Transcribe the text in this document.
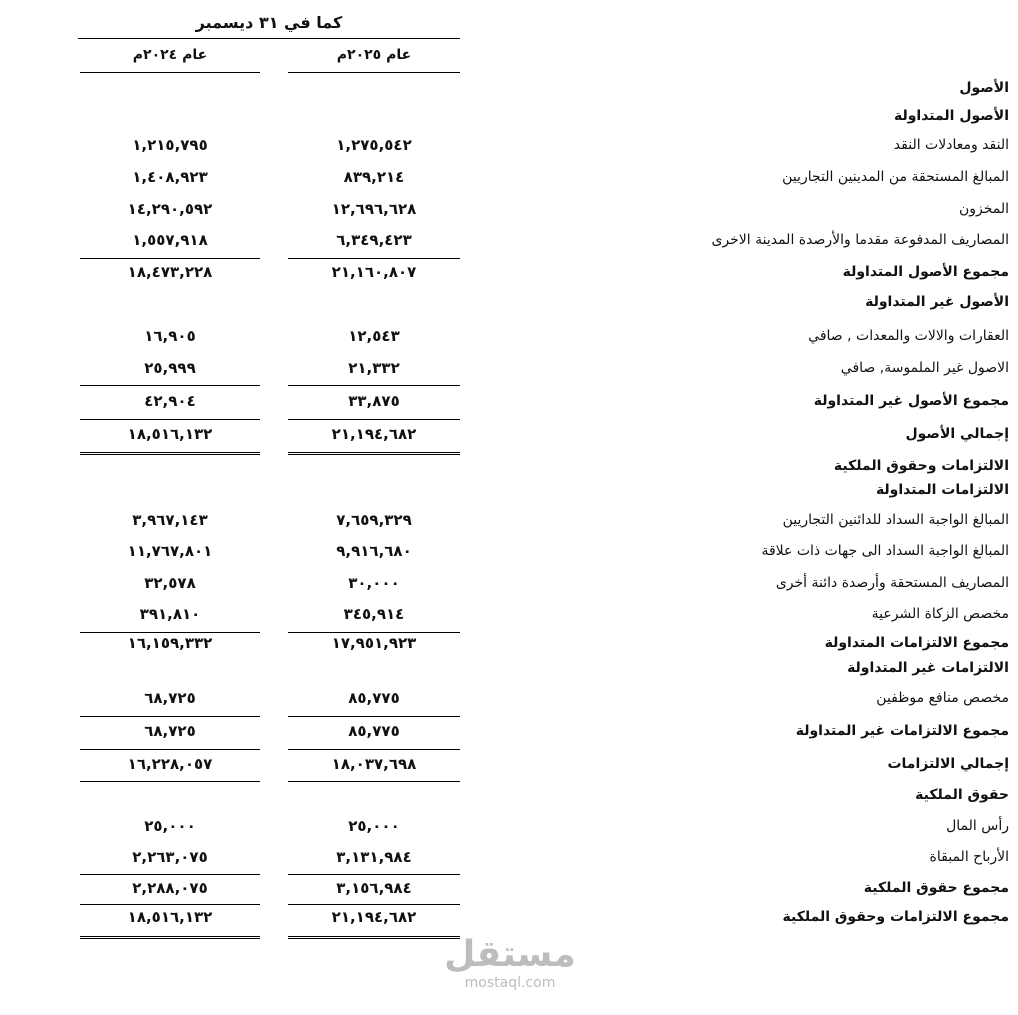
كما في ٣١ ديسمبر
عام ٢٠٢٥م
عام ٢٠٢٤م
الأصول
الأصول المتداولة
النقد ومعادلات النقد
١,٢٧٥,٥٤٢
١,٢١٥,٧٩٥
المبالغ المستحقة من المدينين التجاريين
٨٣٩,٢١٤
١,٤٠٨,٩٢٣
المخزون
١٢,٦٩٦,٦٢٨
١٤,٢٩٠,٥٩٢
المصاريف المدفوعة مقدما والأرصدة المدينة الاخرى
٦,٣٤٩,٤٢٣
١,٥٥٧,٩١٨
مجموع الأصول المتداولة
٢١,١٦٠,٨٠٧
١٨,٤٧٣,٢٢٨
الأصول غير المتداولة
العقارات والالات والمعدات , صافي
١٢,٥٤٣
١٦,٩٠٥
الاصول غير الملموسة, صافي
٢١,٣٣٢
٢٥,٩٩٩
مجموع الأصول غير المتداولة
٣٣,٨٧٥
٤٢,٩٠٤
إجمالي الأصول
٢١,١٩٤,٦٨٢
١٨,٥١٦,١٣٢
الالتزامات وحقوق الملكية
الالتزامات المتداولة
المبالغ الواجبة السداد للدائنين التجاريين
٧,٦٥٩,٣٢٩
٣,٩٦٧,١٤٣
المبالغ الواجبة السداد الى جهات ذات علاقة
٩,٩١٦,٦٨٠
١١,٧٦٧,٨٠١
المصاريف المستحقة وأرصدة دائنة أخرى
٣٠,٠٠٠
٣٢,٥٧٨
مخصص الزكاة الشرعية
٣٤٥,٩١٤
٣٩١,٨١٠
مجموع الالتزامات المتداولة
١٧,٩٥١,٩٢٣
١٦,١٥٩,٣٣٢
الالتزامات غير المتداولة
مخصص منافع موظفين
٨٥,٧٧٥
٦٨,٧٢٥
مجموع الالتزامات غير المتداولة
٨٥,٧٧٥
٦٨,٧٢٥
إجمالي الالتزامات
١٨,٠٣٧,٦٩٨
١٦,٢٢٨,٠٥٧
حقوق الملكية
رأس المال
٢٥,٠٠٠
٢٥,٠٠٠
الأرباح المبقاة
٣,١٣١,٩٨٤
٢,٢٦٣,٠٧٥
مجموع حقوق الملكية
٣,١٥٦,٩٨٤
٢,٢٨٨,٠٧٥
مجموع الالتزامات وحقوق الملكية
٢١,١٩٤,٦٨٢
١٨,٥١٦,١٣٢
مستقل
mostaql.com
